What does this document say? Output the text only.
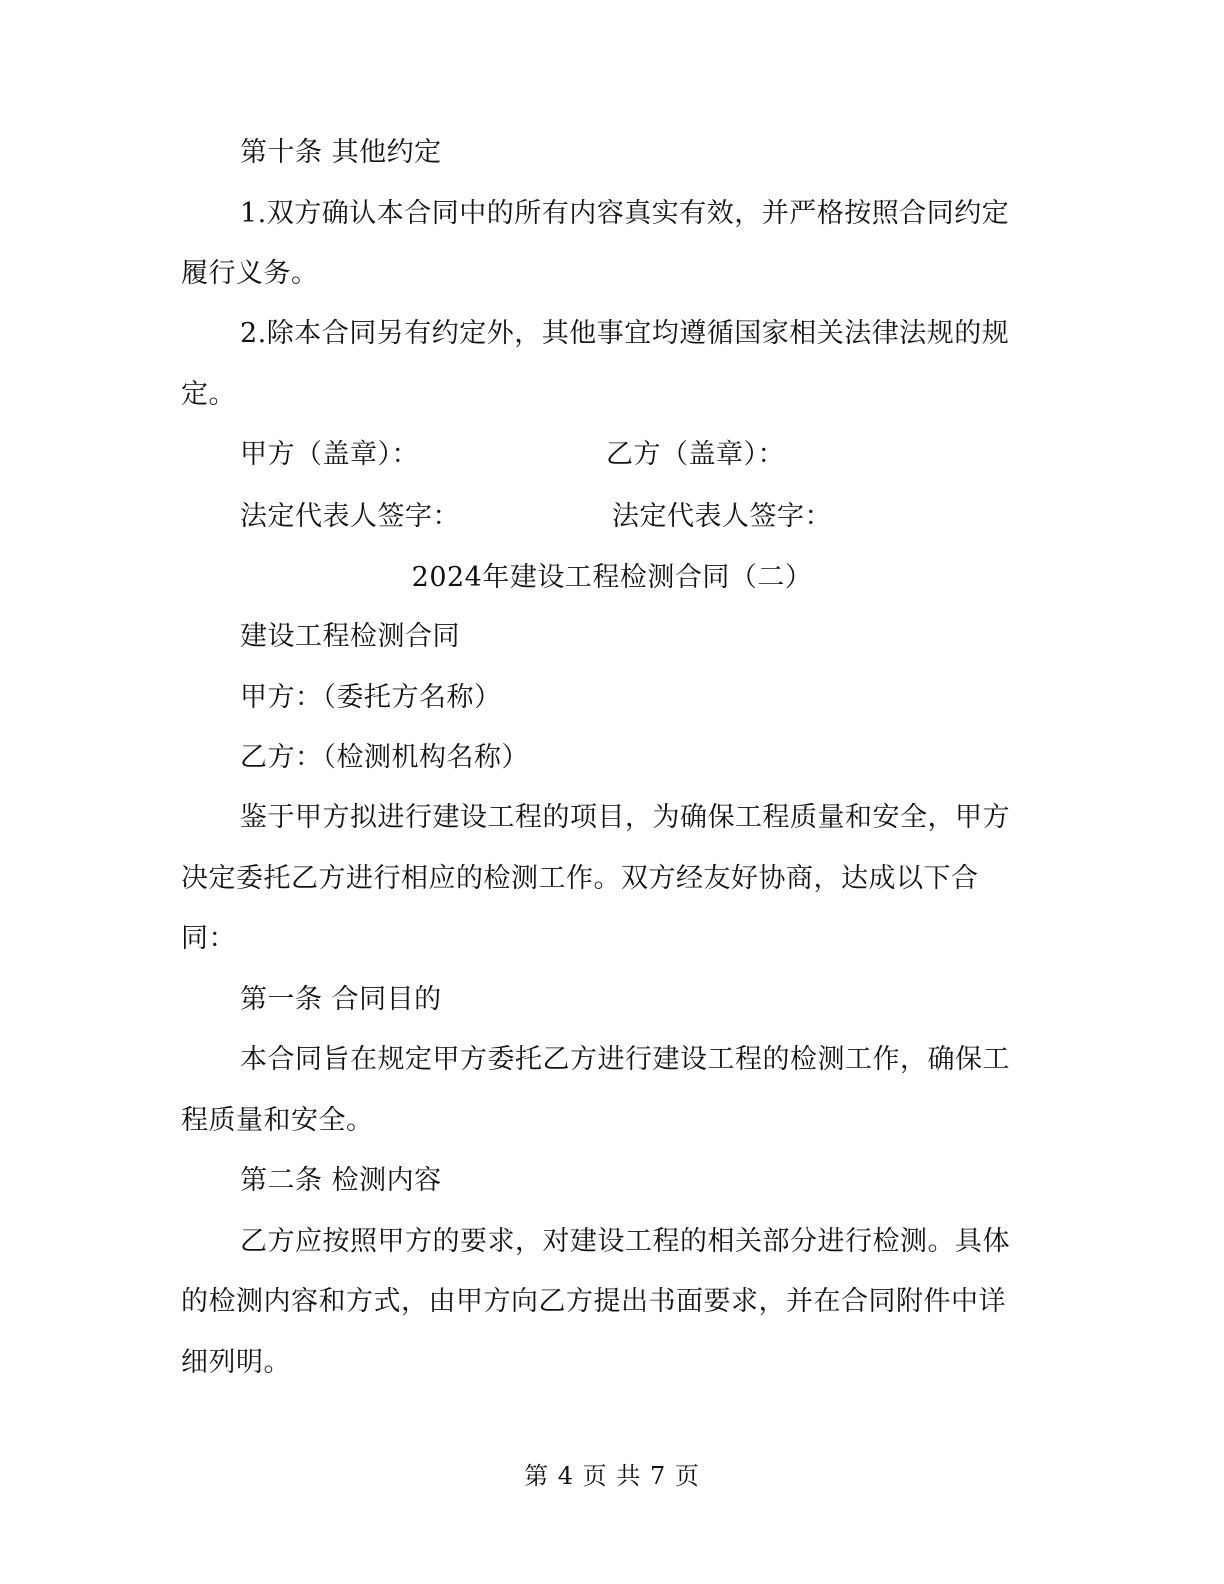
第十条 其他约定
1.双方确认本合同中的所有内容真实有效，并严格按照合同约定
履行义务。
2.除本合同另有约定外，其他事宜均遵循国家相关法律法规的规
定。
甲方（盖章）：	乙方（盖章）：
法定代表人签字：	法定代表人签字：
2024年建设工程检测合同（二）
建设工程检测合同
甲方：（委托方名称）
乙方：（检测机构名称）
鉴于甲方拟进行建设工程的项目，为确保工程质量和安全，甲方
决定委托乙方进行相应的检测工作。双方经友好协商，达成以下合
同：
第一条 合同目的
本合同旨在规定甲方委托乙方进行建设工程的检测工作，确保工
程质量和安全。
第二条 检测内容
乙方应按照甲方的要求，对建设工程的相关部分进行检测。具体
的检测内容和方式，由甲方向乙方提出书面要求，并在合同附件中详
细列明。
第 4 页 共 7 页
